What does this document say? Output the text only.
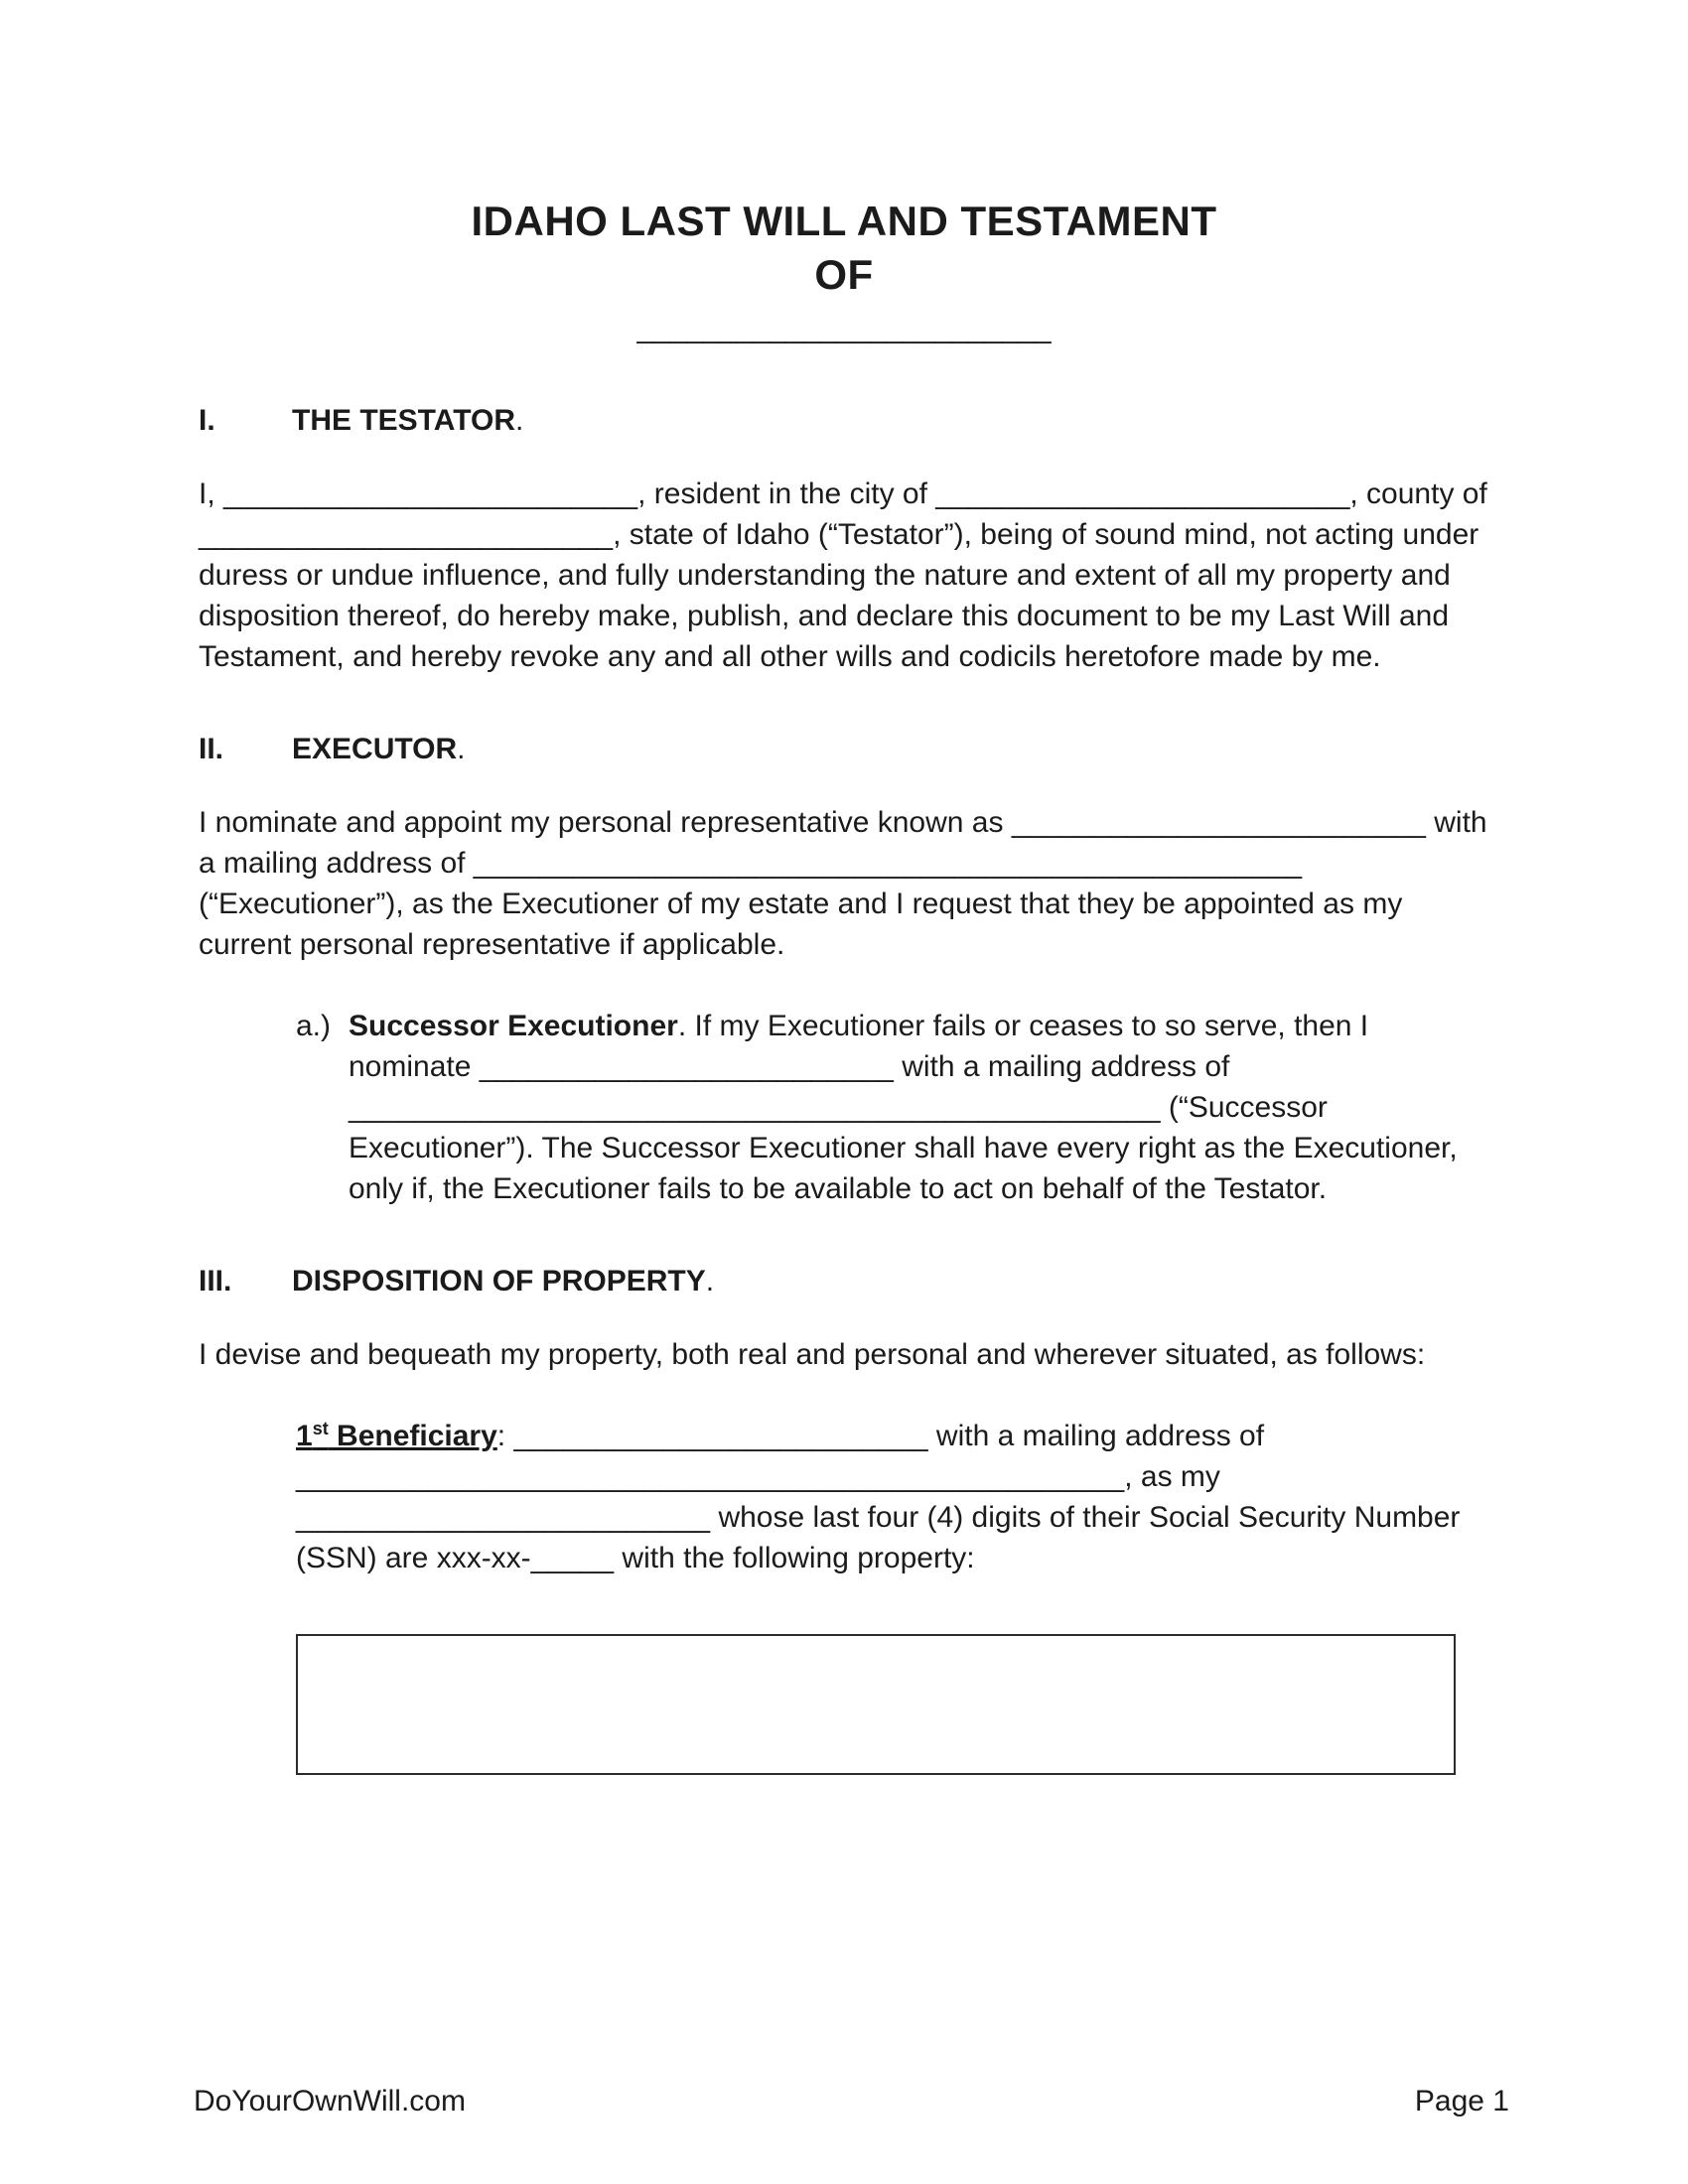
IDAHO LAST WILL AND TESTAMENT
OF
_________________________
I.	THE TESTATOR.

I, _________________________, resident in the city of _________________________, county of _________________________, state of Idaho (“Testator”), being of sound mind, not acting under duress or undue influence, and fully understanding the nature and extent of all my property and disposition thereof, do hereby make, publish, and declare this document to be my Last Will and Testament, and hereby revoke any and all other wills and codicils heretofore made by me.

II.	EXECUTOR.

I nominate and appoint my personal representative known as _________________________ with a mailing address of __________________________________________________ (“Executioner”), as the Executioner of my estate and I request that they be appointed as my current personal representative if applicable.

a.) Successor Executioner. If my Executioner fails or ceases to so serve, then I nominate _________________________ with a mailing address of _________________________________________________ (“Successor Executioner”). The Successor Executioner shall have every right as the Executioner, only if, the Executioner fails to be available to act on behalf of the Testator.
III.	DISPOSITION OF PROPERTY.

I devise and bequeath my property, both real and personal and wherever situated, as follows:

1st Beneficiary: _________________________ with a mailing address of __________________________________________________, as my _________________________ whose last four (4) digits of their Social Security Number (SSN) are xxx-xx-_____ with the following property:
DoYourOwnWill.com	Page 1
